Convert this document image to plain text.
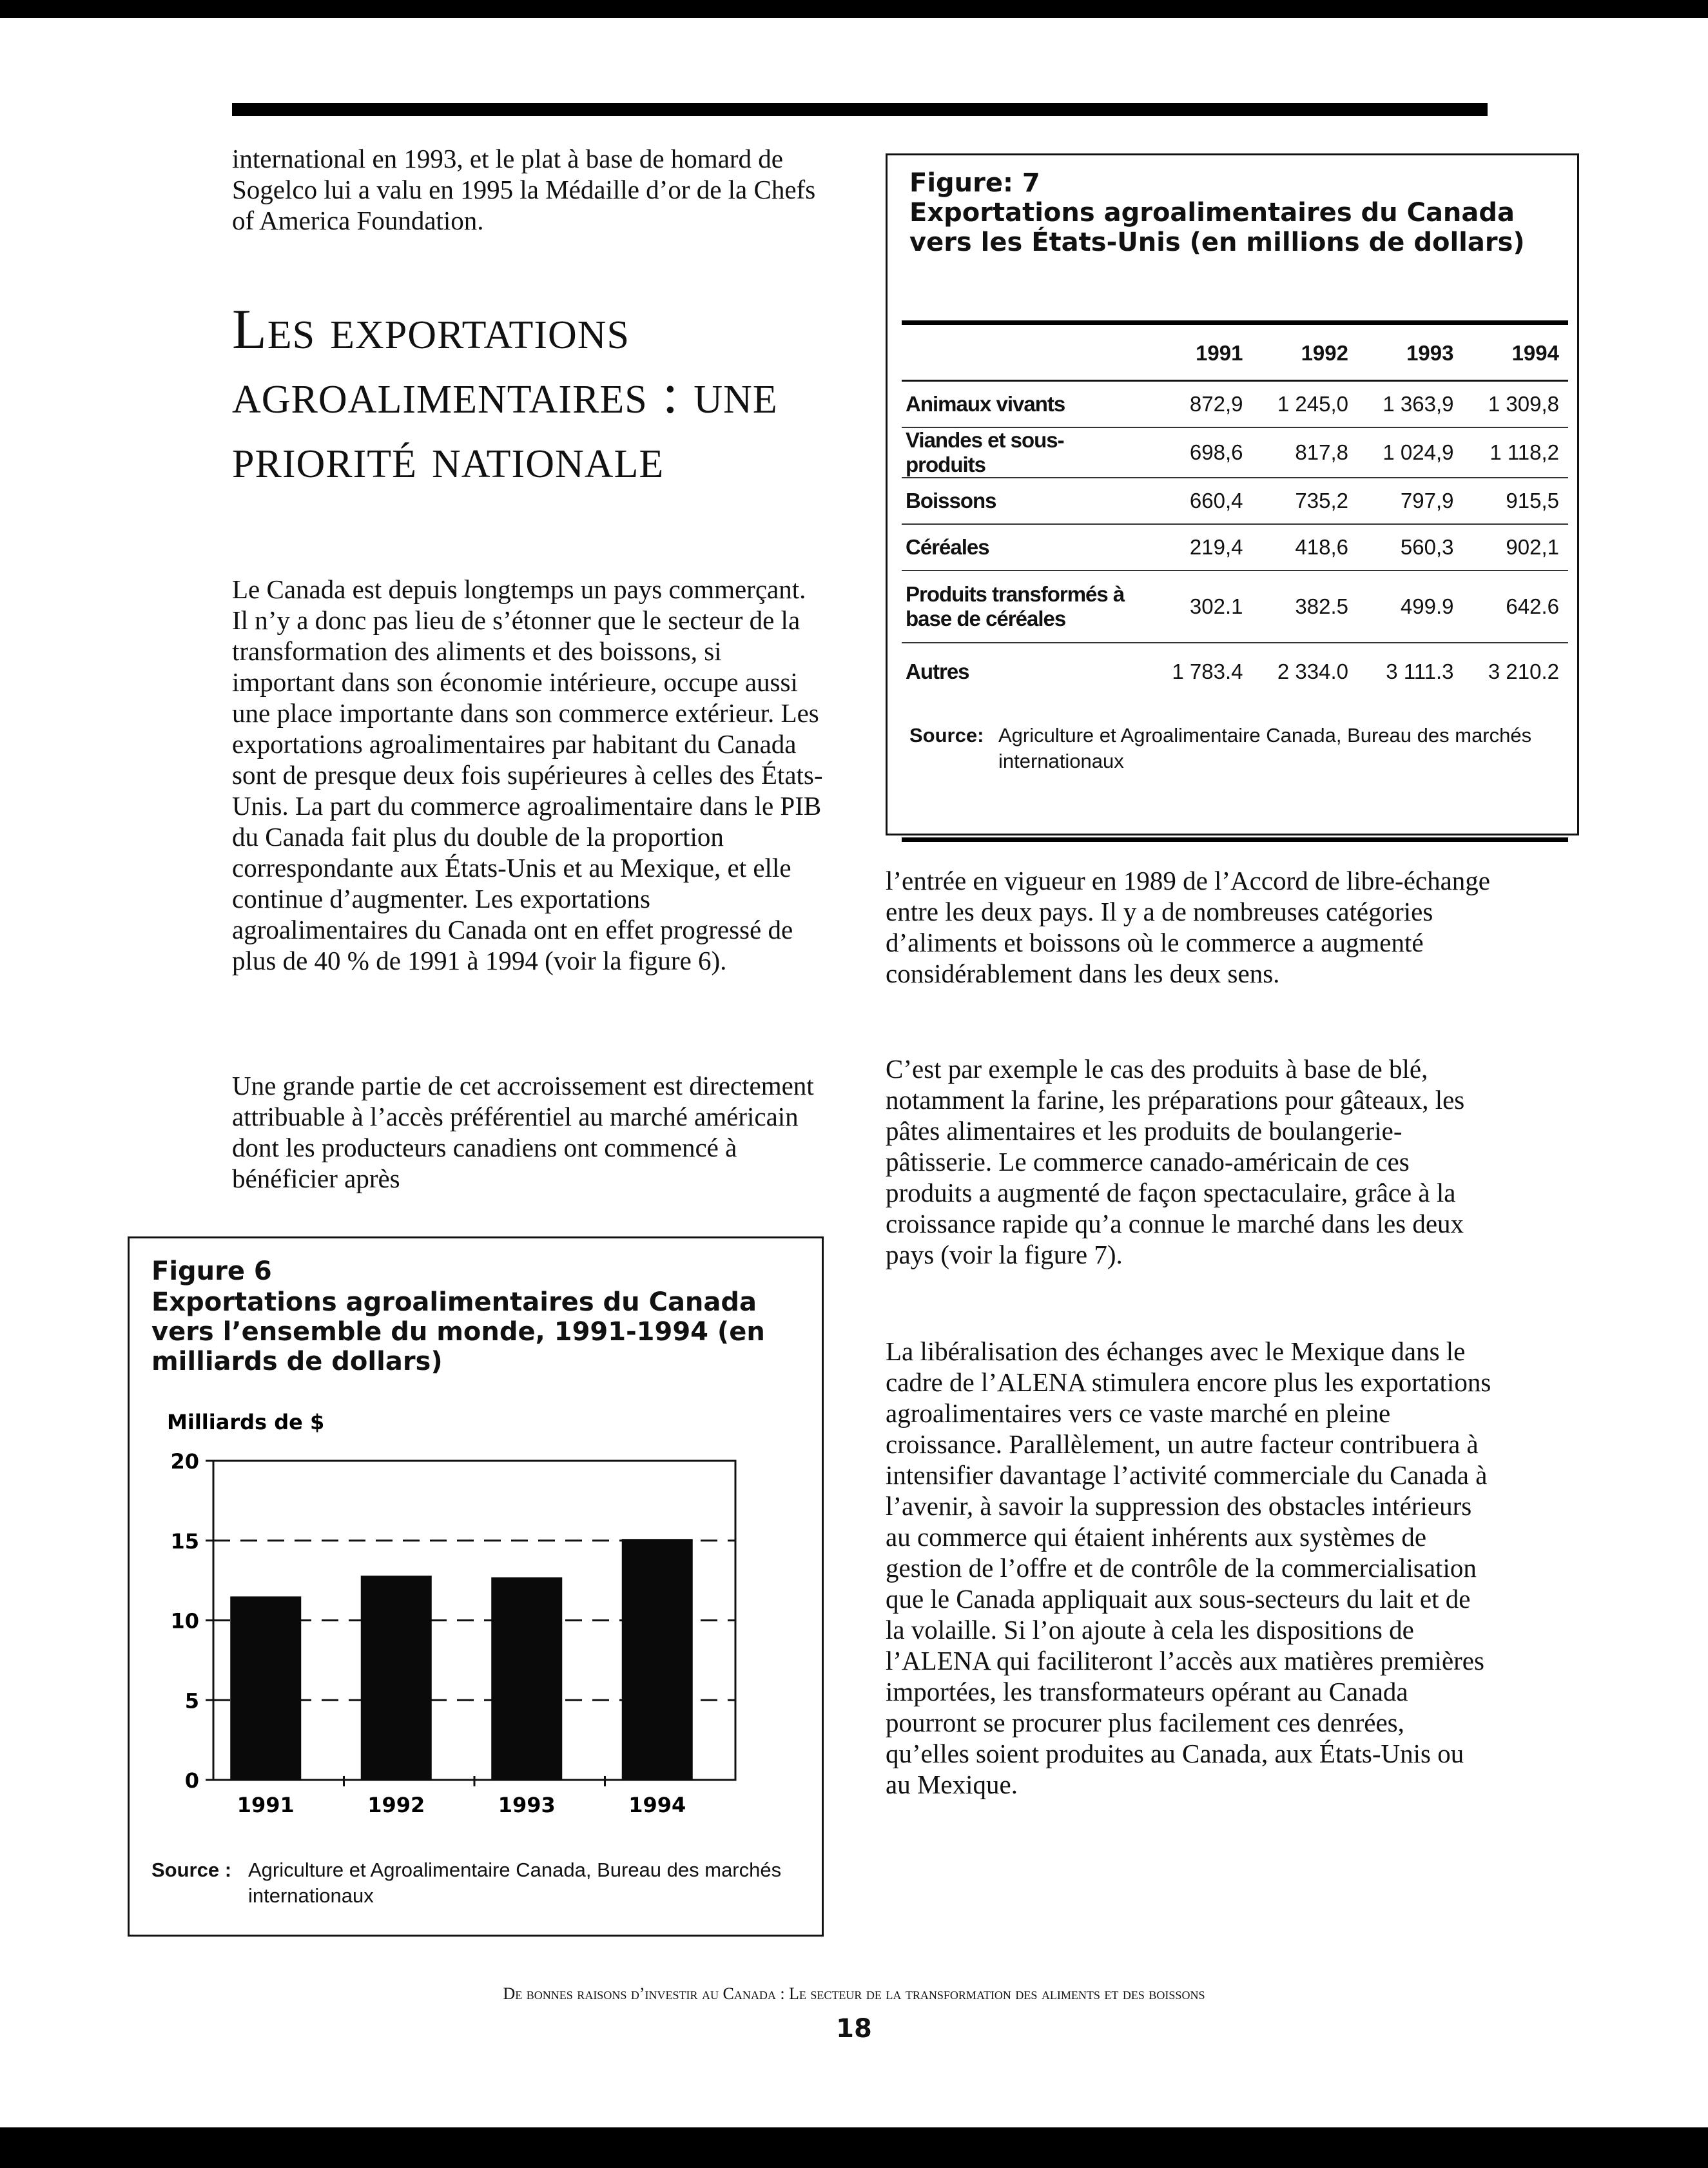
international en 1993, et le plat à base de homard de Sogelco lui a valu en 1995 la Médaille d’or de la Chefs of America Foundation.

Les exportations agroalimentaires : une priorité nationale

Le Canada est depuis longtemps un pays commerçant. Il n’y a donc pas lieu de s’étonner que le secteur de la transformation des aliments et des boissons, si important dans son économie intérieure, occupe aussi une place importante dans son commerce extérieur. Les exportations agroalimentaires par habitant du Canada sont de presque deux fois supérieures à celles des États-Unis. La part du commerce agroalimentaire dans le PIB du Canada fait plus du double de la proportion correspondante aux États-Unis et au Mexique, et elle continue d’augmenter. Les exportations agroalimentaires du Canada ont en effet progressé de plus de 40 % de 1991 à 1994 (voir la figure 6).

Une grande partie de cet accroissement est directement attribuable à l’accès préférentiel au marché américain dont les producteurs canadiens ont commencé à bénéficier après

Figure 6
Exportations agroalimentaires du Canada vers l’ensemble du monde, 1991-1994 (en milliards de dollars)
Milliards de $
0
5
10
15
20
1991	1992	1993	1994
Source : Agriculture et Agroalimentaire Canada, Bureau des marchés internationaux
Figure: 7
Exportations agroalimentaires du Canada vers les États-Unis (en millions de dollars)
	1991	1992	1993	1994
Animaux vivants	872,9	1 245,0	1 363,9	1 309,8
Viandes et sous-produits	698,6	817,8	1 024,9	1 118,2
Boissons	660,4	735,2	797,9	915,5
Céréales	219,4	418,6	560,3	902,1
Produits transformés à base de céréales	302.1	382.5	499.9	642.6
Autres	1 783.4	2 334.0	3 111.3	3 210.2
Source: Agriculture et Agroalimentaire Canada, Bureau des marchés internationaux

l’entrée en vigueur en 1989 de l’Accord de libre-échange entre les deux pays. Il y a de nombreuses catégories d’aliments et boissons où le commerce a augmenté considérablement dans les deux sens.

C’est par exemple le cas des produits à base de blé, notamment la farine, les préparations pour gâteaux, les pâtes alimentaires et les produits de boulangerie-pâtisserie. Le commerce canado-américain de ces produits a augmenté de façon spectaculaire, grâce à la croissance rapide qu’a connue le marché dans les deux pays (voir la figure 7).

La libéralisation des échanges avec le Mexique dans le cadre de l’ALENA stimulera encore plus les exportations agroalimentaires vers ce vaste marché en pleine croissance. Parallèlement, un autre facteur contribuera à intensifier davantage l’activité commerciale du Canada à l’avenir, à savoir la suppression des obstacles intérieurs au commerce qui étaient inhérents aux systèmes de gestion de l’offre et de contrôle de la commercialisation que le Canada appliquait aux sous-secteurs du lait et de la volaille. Si l’on ajoute à cela les dispositions de l’ALENA qui faciliteront l’accès aux matières premières importées, les transformateurs opérant au Canada pourront se procurer plus facilement ces denrées, qu’elles soient produites au Canada, aux États-Unis ou au Mexique.

De bonnes raisons d’investir au Canada : Le secteur de la transformation des aliments et des boissons
18
